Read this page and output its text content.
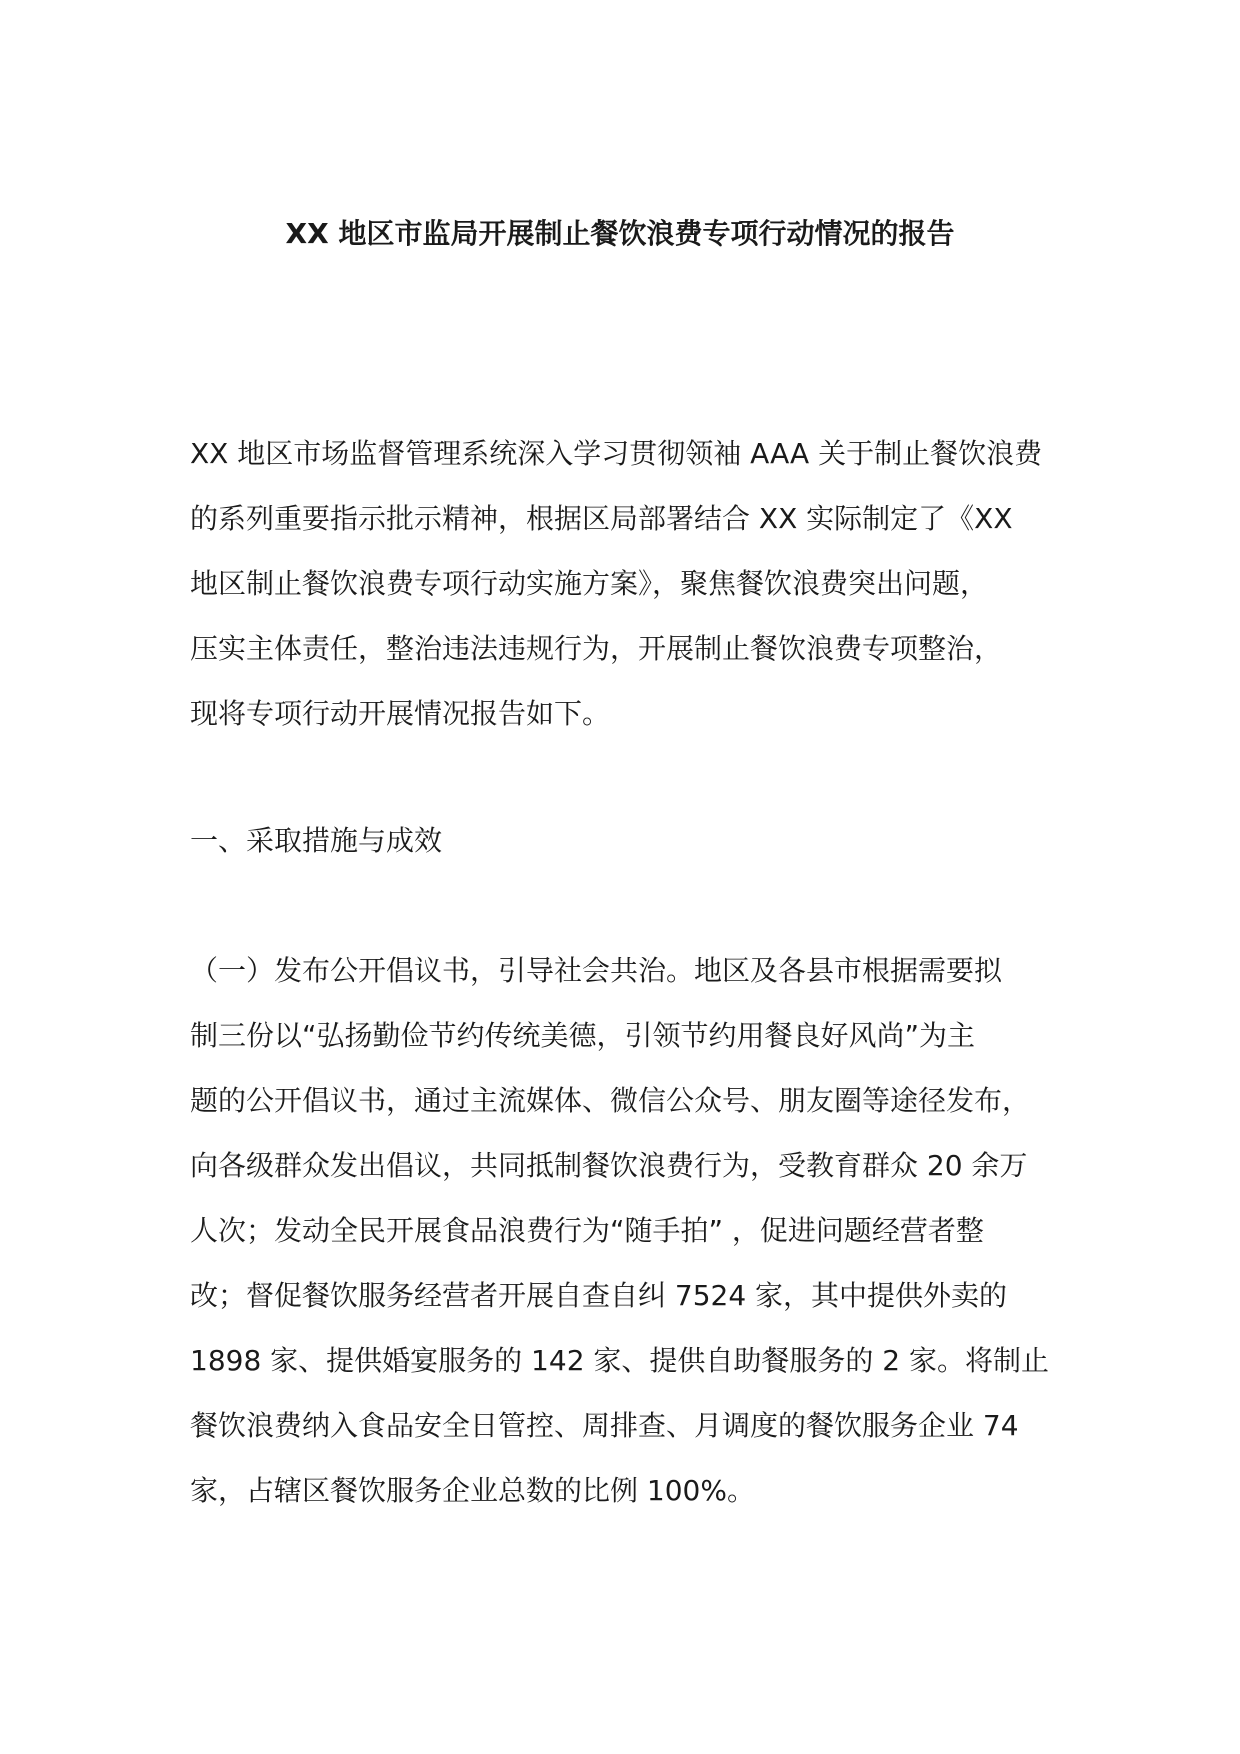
XX 地区市监局开展制止餐饮浪费专项行动情况的报告
XX 地区市场监督管理系统深入学习贯彻领袖 AAA 关于制止餐饮浪费
的系列重要指示批示精神，根据区局部署结合 XX 实际制定了《XX
地区制止餐饮浪费专项行动实施方案》，聚焦餐饮浪费突出问题，
压实主体责任，整治违法违规行为，开展制止餐饮浪费专项整治，
现将专项行动开展情况报告如下。
一、采取措施与成效
（一）发布公开倡议书，引导社会共治。地区及各县市根据需要拟
制三份以“弘扬勤俭节约传统美德，引领节约用餐良好风尚”为主
题的公开倡议书，通过主流媒体、微信公众号、朋友圈等途径发布，
向各级群众发出倡议，共同抵制餐饮浪费行为，受教育群众 20 余万
人次；发动全民开展食品浪费行为“随手拍” ，促进问题经营者整
改；督促餐饮服务经营者开展自查自纠 7524 家，其中提供外卖的
1898 家、提供婚宴服务的 142 家、提供自助餐服务的 2 家。将制止
餐饮浪费纳入食品安全日管控、周排查、月调度的餐饮服务企业 74
家，占辖区餐饮服务企业总数的比例 100%。
